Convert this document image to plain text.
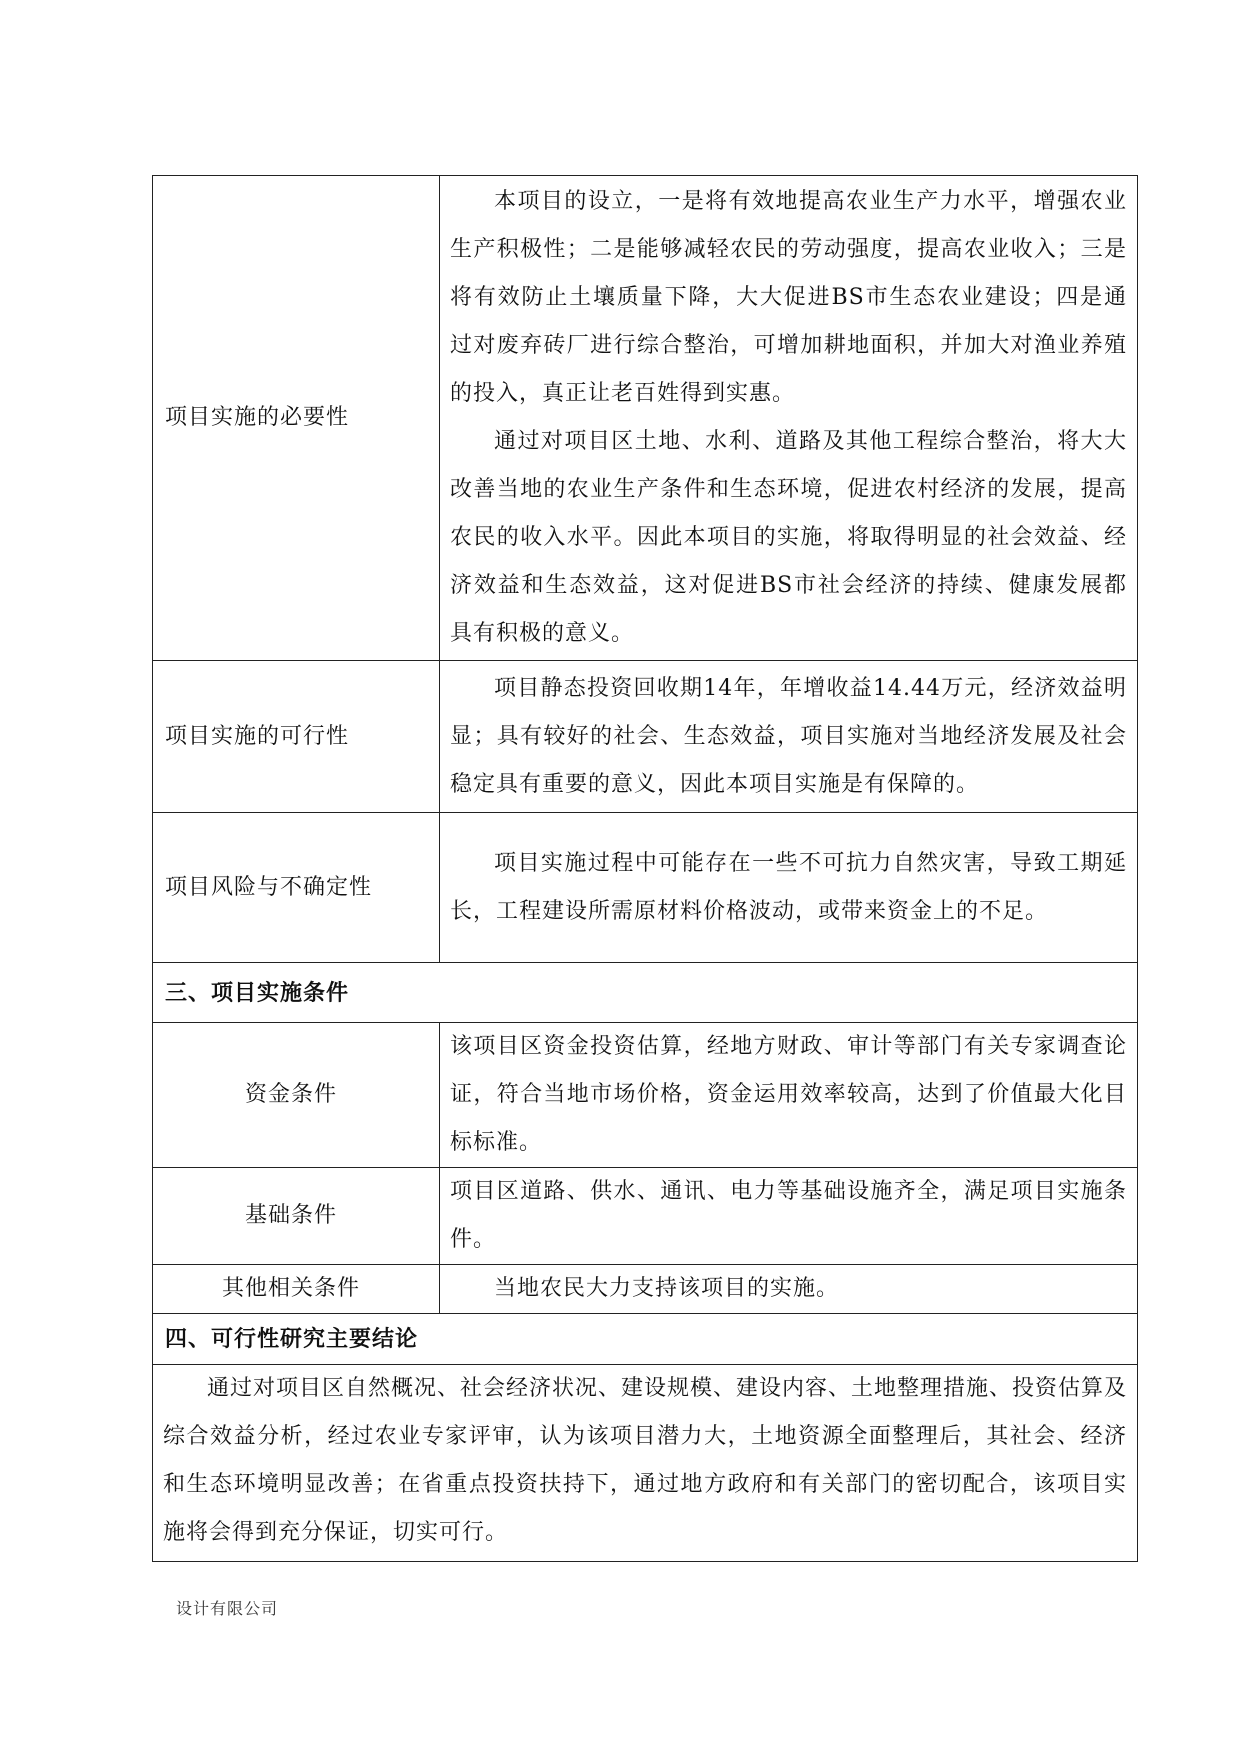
项目实施的必要性	本项目的设立，一是将有效地提高农业生产力水平，增强农业生产积极性；二是能够减轻农民的劳动强度，提高农业收入；三是将有效防止土壤质量下降，大大促进BS市生态农业建设；四是通过对废弃砖厂进行综合整治，可增加耕地面积，并加大对渔业养殖的投入，真正让老百姓得到实惠。

通过对项目区土地、水利、道路及其他工程综合整治，将大大改善当地的农业生产条件和生态环境，促进农村经济的发展，提高农民的收入水平。因此本项目的实施，将取得明显的社会效益、经济效益和生态效益，这对促进BS市社会经济的持续、健康发展都具有积极的意义。

项目实施的可行性	项目静态投资回收期14年，年增收益14.44万元，经济效益明显；具有较好的社会、生态效益，项目实施对当地经济发展及社会稳定具有重要的意义，因此本项目实施是有保障的。

项目风险与不确定性	项目实施过程中可能存在一些不可抗力自然灾害，导致工期延长，工程建设所需原材料价格波动，或带来资金上的不足。

三、项目实施条件	
资金条件	该项目区资金投资估算，经地方财政、审计等部门有关专家调查论证，符合当地市场价格，资金运用效率较高，达到了价值最大化目标标准。

基础条件	项目区道路、供水、通讯、电力等基础设施齐全，满足项目实施条件。

其他相关条件	当地农民大力支持该项目的实施。

四、可行性研究主要结论	

通过对项目区自然概况、社会经济状况、建设规模、建设内容、土地整理措施、投资估算及综合效益分析，经过农业专家评审，认为该项目潜力大，土地资源全面整理后，其社会、经济和生态环境明显改善；在省重点投资扶持下，通过地方政府和有关部门的密切配合，该项目实施将会得到充分保证，切实可行。	

设计有限公司
